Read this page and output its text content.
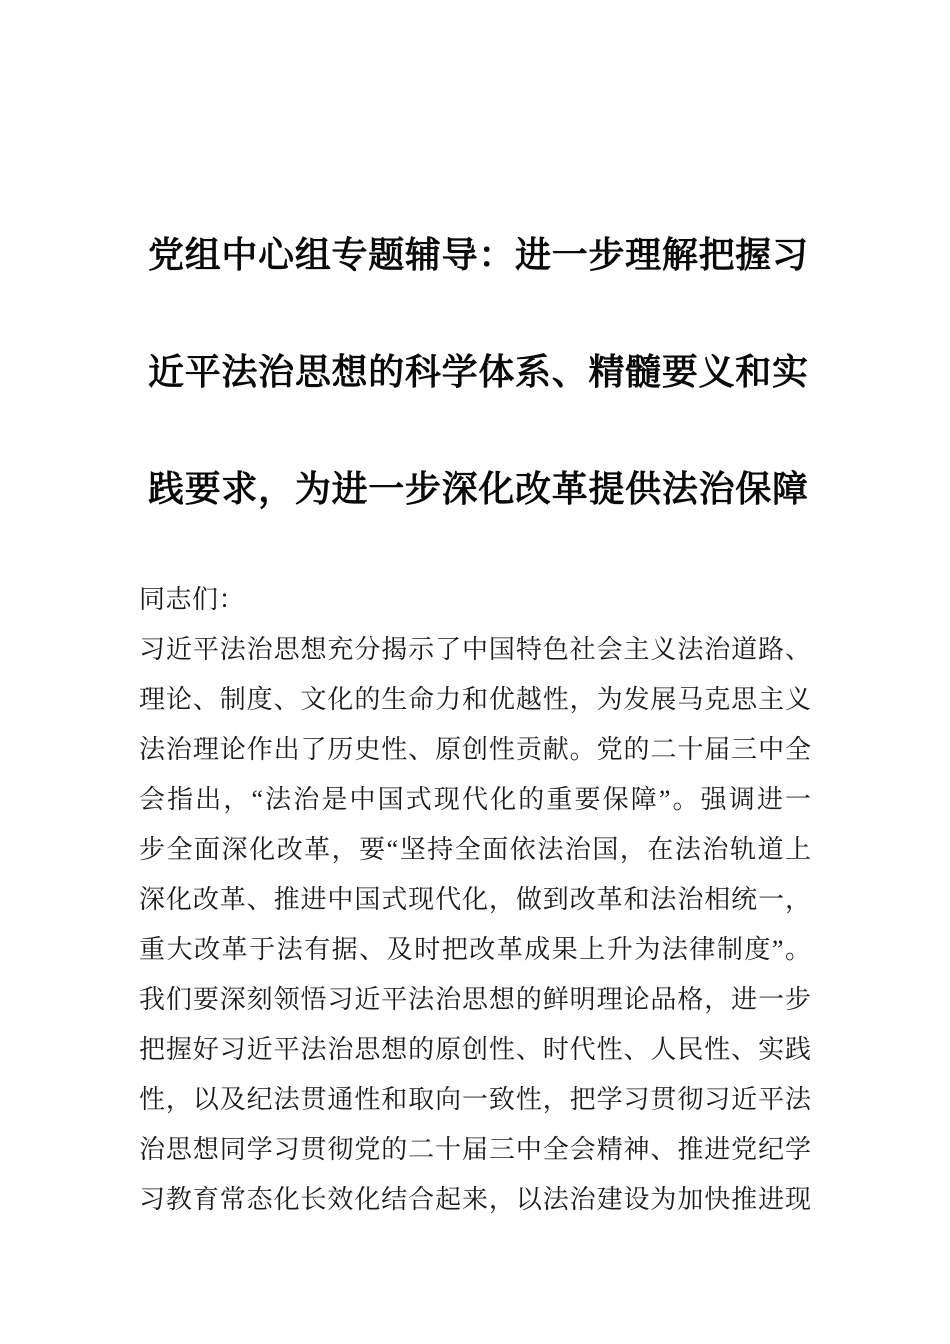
党组中心组专题辅导：进一步理解把握习
近平法治思想的科学体系、精髓要义和实
践要求，为进一步深化改革提供法治保障
同志们：
习近平法治思想充分揭示了中国特色社会主义法治道路、
理论、制度、文化的生命力和优越性，为发展马克思主义
法治理论作出了历史性、原创性贡献。党的二十届三中全
会指出，“法治是中国式现代化的重要保障”。强调进一
步全面深化改革，要“坚持全面依法治国，在法治轨道上
深化改革、推进中国式现代化，做到改革和法治相统一，
重大改革于法有据、及时把改革成果上升为法律制度”。
我们要深刻领悟习近平法治思想的鲜明理论品格，进一步
把握好习近平法治思想的原创性、时代性、人民性、实践
性，以及纪法贯通性和取向一致性，把学习贯彻习近平法
治思想同学习贯彻党的二十届三中全会精神、推进党纪学
习教育常态化长效化结合起来，以法治建设为加快推进现
